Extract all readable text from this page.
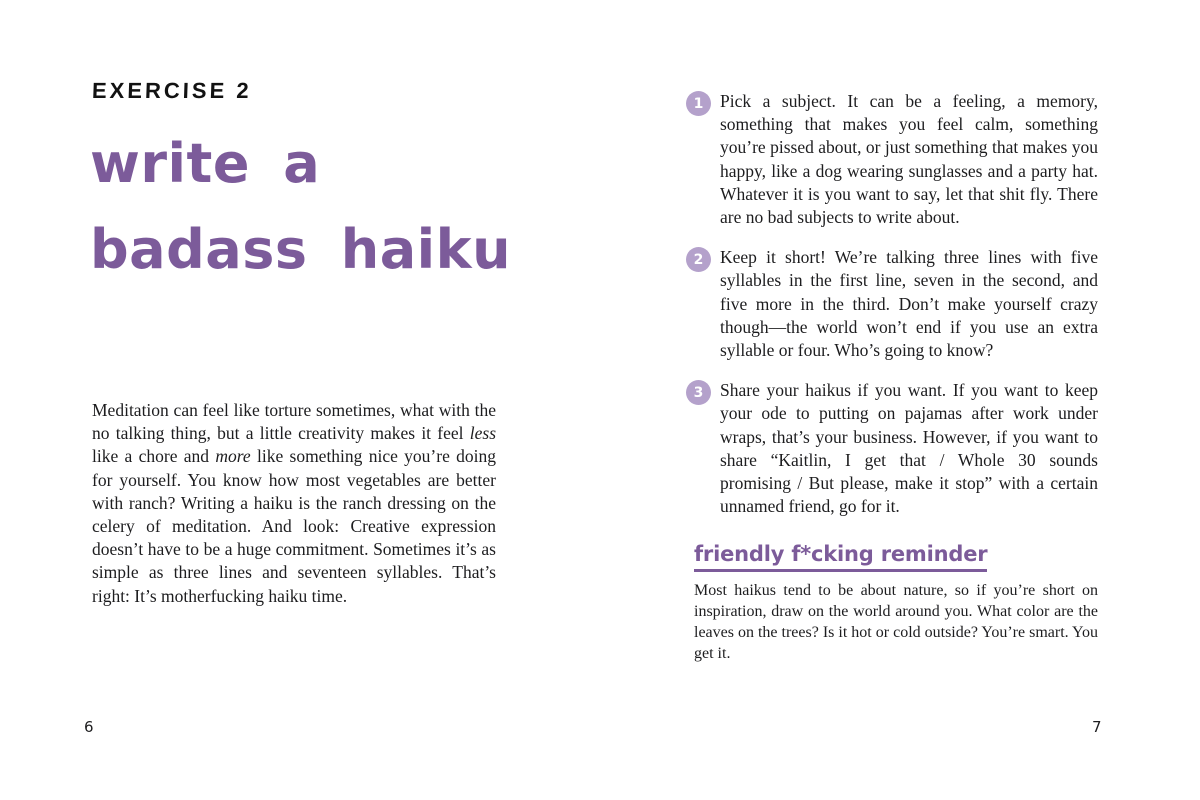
EXERCISE 2
write a
badass haiku

Meditation can feel like torture sometimes, what with the no talking thing, but a little creativity makes it feel less like a chore and more like something nice you’re doing for yourself. You know how most vegetables are better with ranch? Writing a haiku is the ranch dressing on the celery of meditation. And look: Creative expression doesn’t have to be a huge commitment. Sometimes it’s as simple as three lines and seventeen syllables. That’s right: It’s motherfucking haiku time.

6
1 Pick a subject. It can be a feeling, a memory, something that makes you feel calm, something you’re pissed about, or just something that makes you happy, like a dog wearing sunglasses and a party hat. Whatever it is you want to say, let that shit fly. There are no bad subjects to write about.

2 Keep it short! We’re talking three lines with five syllables in the first line, seven in the second, and five more in the third. Don’t make yourself crazy though—the world won’t end if you use an extra syllable or four. Who’s going to know?

3 Share your haikus if you want. If you want to keep your ode to putting on pajamas after work under wraps, that’s your business. However, if you want to share “Kaitlin, I get that / Whole 30 sounds promising / But please, make it stop” with a certain unnamed friend, go for it.

friendly f*cking reminder

Most haikus tend to be about nature, so if you’re short on inspiration, draw on the world around you. What color are the leaves on the trees? Is it hot or cold outside? You’re smart. You get it.

7
